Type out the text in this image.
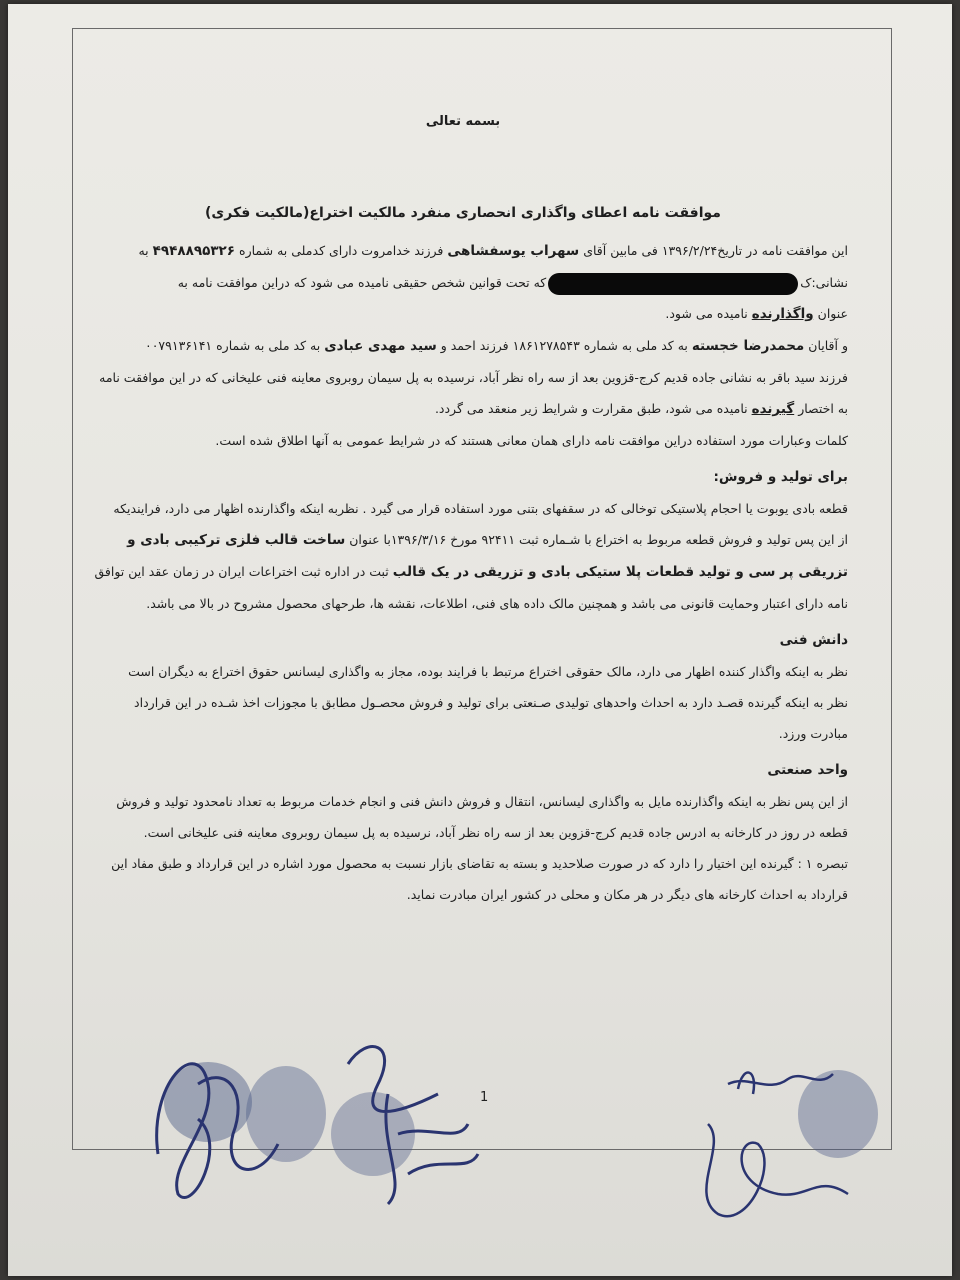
بسمه تعالی
موافقت نامه اعطای واگذاری انحصاری منفرد مالکیت اختراع(مالکیت فکری)

این موافقت نامه در تاریخ۱۳۹۶/۲/۲۴ فی مابین آقای سهراب یوسفشاهی فرزند خدامروت دارای کدملی به شماره ۴۹۴۸۸۹۵۳۲۶ به

نشانی:ککه تحت قوانین شخص حقیقی نامیده می شود که دراین موافقت نامه به

عنوان واگذارنده نامیده می شود.

و آقایان محمدرضا خجسته به کد ملی به شماره ۱۸۶۱۲۷۸۵۴۳ فرزند احمد و سید مهدی عبادی به کد ملی به شماره ۰۰۷۹۱۳۶۱۴۱

فرزند سید باقر به نشانی جاده قدیم کرج-قزوین بعد از سه راه نظر آباد، نرسیده به پل سیمان روبروی معاینه فنی علیخانی که در این موافقت نامه

به اختصار گیرنده نامیده می شود، طبق مقرارت و شرایط زیر منعقد می گردد.

کلمات وعبارات مورد استفاده دراین موافقت نامه دارای همان معانی هستند که در شرایط عمومی به آنها اطلاق شده است.

برای تولید و فروش:

قطعه بادی یوبوت یا احجام پلاستیکی توخالی که در سقفهای بتنی مورد استفاده قرار می گیرد . نظربه اینکه واگذارنده اظهار می دارد، فرایندیکه

از این پس تولید و فروش قطعه مربوط به اختراع با شـماره ثبت ۹۲۴۱۱ مورخ ۱۳۹۶/۳/۱۶با عنوان ساخت قالب فلزی ترکیبی بادی و

تزریقی پر سی و تولید قطعات پلا ستیکی بادی و تزریقی در یک قالب ثبت در اداره ثبت اختراعات ایران در زمان عقد این توافق

نامه دارای اعتبار وحمایت قانونی می باشد و همچنین مالک داده های فنی، اطلاعات، نقشه ها، طرحهای محصول مشروح در بالا می باشد.

دانش فنی

نظر به اینکه واگذار کننده اظهار می دارد، مالک حقوقی اختراع مرتبط با فرایند بوده، مجاز به واگذاری لیسانس حقوق اختراع به دیگران است

نظر به اینکه گیرنده قصـد دارد به احداث واحدهای تولیدی صـنعتی برای تولید و فروش محصـول مطابق با مجوزات اخذ شـده در این قرارداد

مبادرت ورزد.

واحد صنعتی

از این پس نظر به اینکه واگذارنده مایل به واگذاری لیسانس، انتقال و فروش دانش فنی و انجام خدمات مربوط به تعداد نامحدود تولید و فروش

قطعه در روز در کارخانه به ادرس جاده قدیم کرج-قزوین بعد از سه راه نظر آباد، نرسیده به پل سیمان روبروی معاینه فنی علیخانی است.

تبصره ۱ : گیرنده این اختیار را دارد که در صورت صلاحدید و بسته به تقاضای بازار نسبت به محصول مورد اشاره در این قرارداد و طبق مفاد این

قرارداد به احداث کارخانه های دیگر در هر مکان و محلی در کشور ایران مبادرت نماید.

1
